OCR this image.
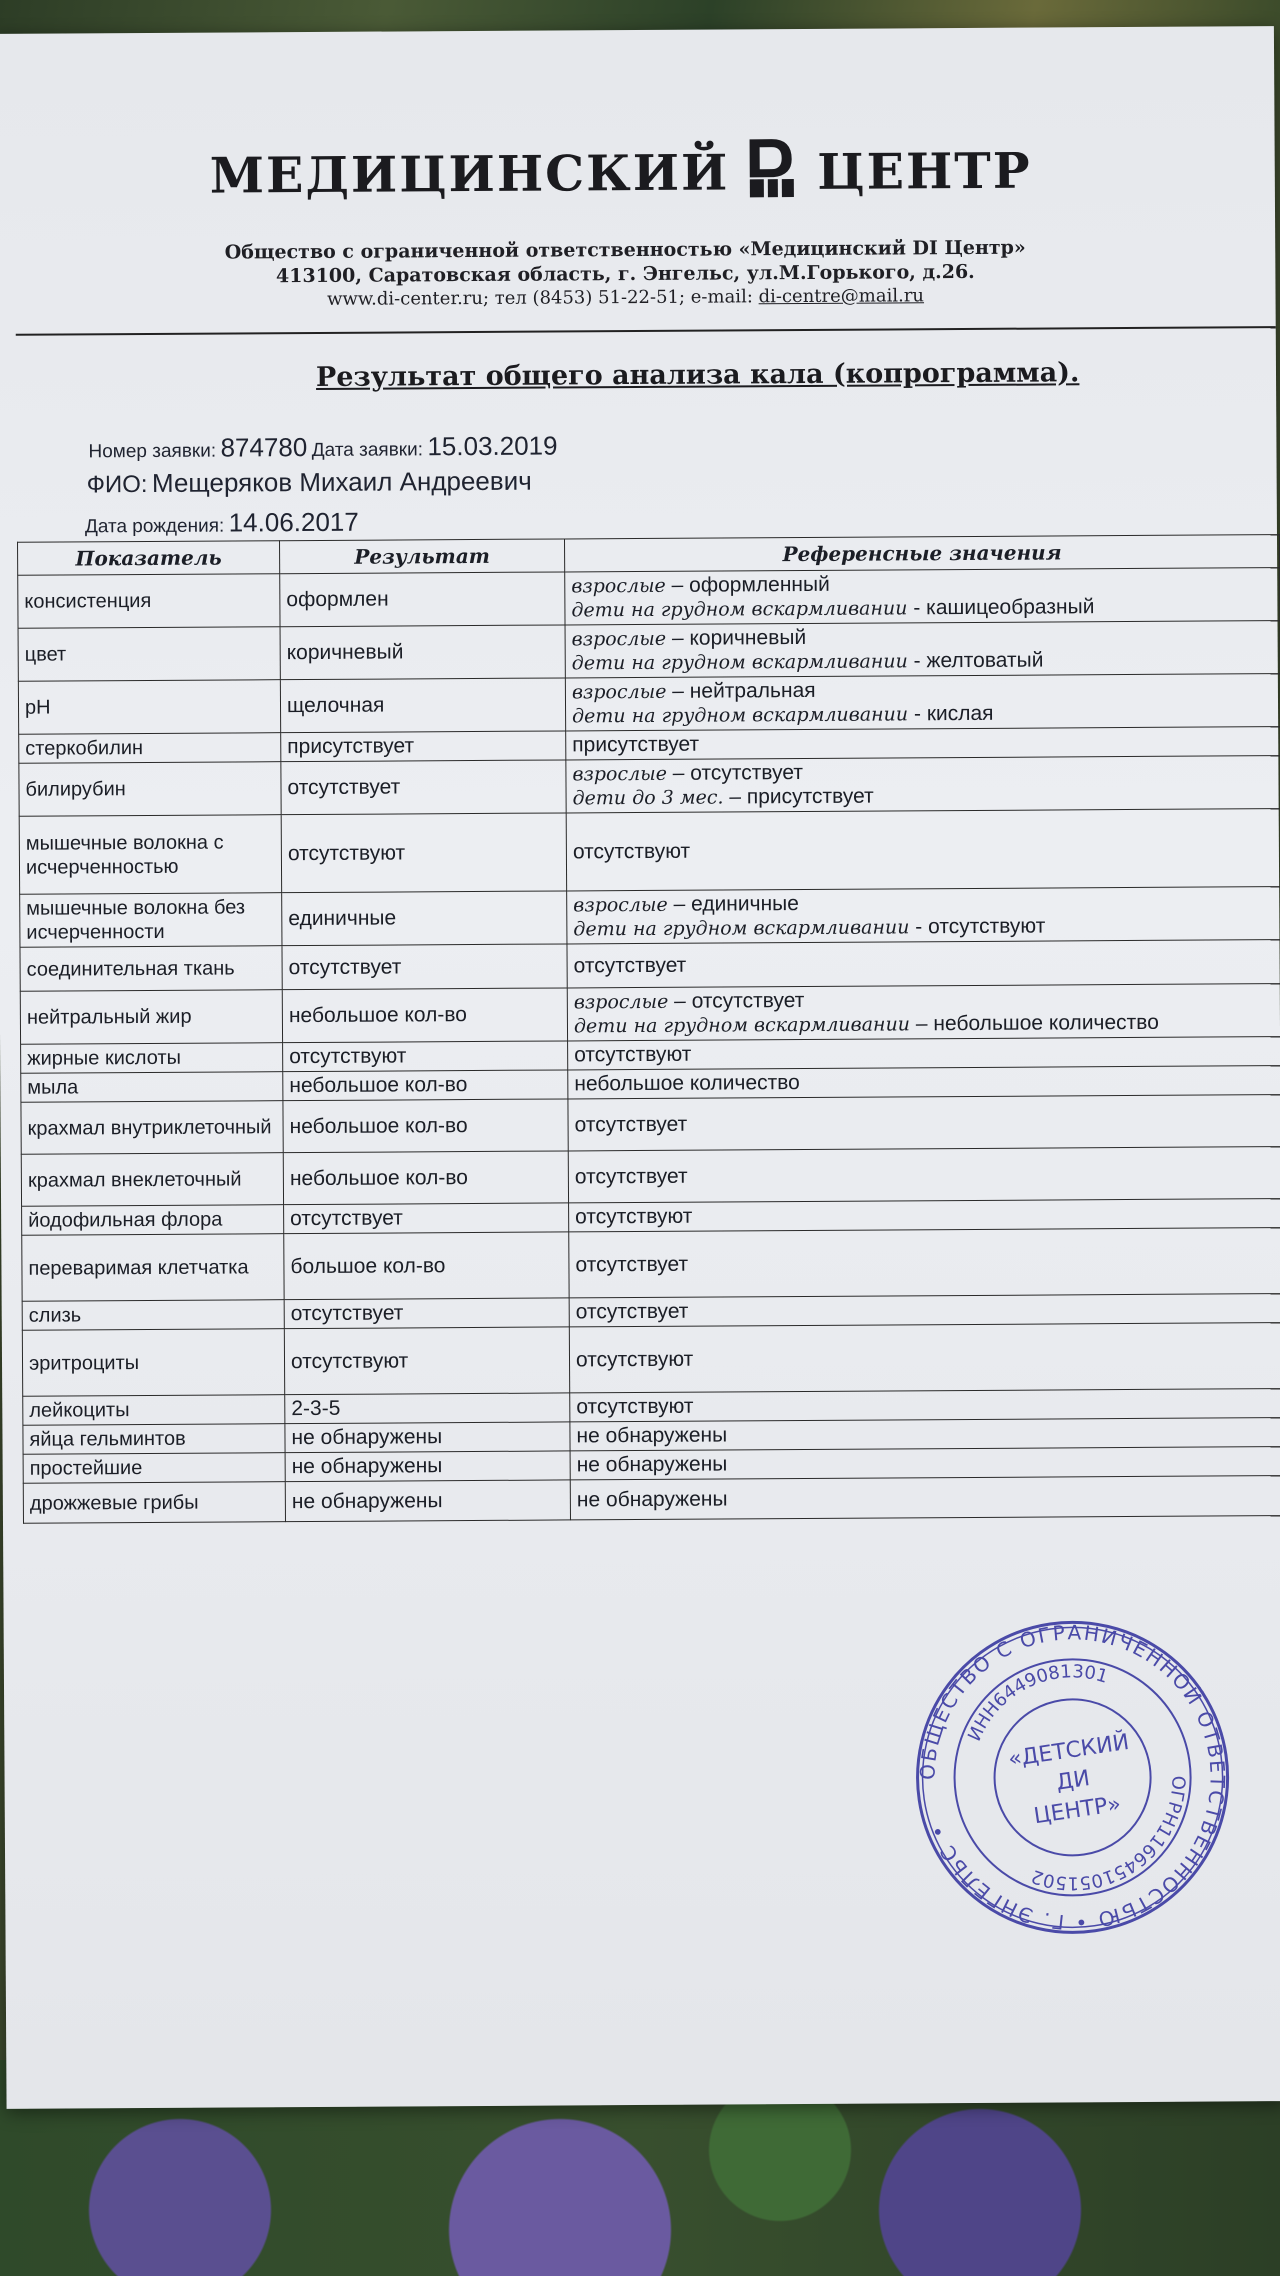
МЕДИЦИНСКИЙ ЦЕНТР
Общество с ограниченной ответственностью «Медицинский DI Центр»
413100, Саратовская область, г. Энгельс, ул.М.Горького, д.26.
www.di-center.ru; тел (8453) 51-22-51; e-mail: di-centre@mail.ru
Результат общего анализа кала (копрограмма).
Номер заявки: 874780 Дата заявки: 15.03.2019
ФИО: Мещеряков Михаил Андреевич
Дата рождения: 14.06.2017
Показатель	Результат	Референсные значения
консистенция	оформлен	взрослые – оформленный
дети на грудном вскармливании - кашицеобразный

цвет	коричневый	взрослые – коричневый
дети на грудном вскармливании - желтоватый

рН	щелочная	взрослые – нейтральная
дети на грудном вскармливании - кислая

стеркобилин	присутствует	присутствует

билирубин	отсутствует	взрослые – отсутствует
дети до 3 мес. – присутствует

мышечные волокна с исчерченностью	отсутствуют	отсутствуют

мышечные волокна без исчерченности	единичные	взрослые – единичные
дети на грудном вскармливании - отсутствуют

соединительная ткань	отсутствует	отсутствует

нейтральный жир	небольшое кол-во	взрослые – отсутствует
дети на грудном вскармливании – небольшое количество

жирные кислоты	отсутствуют	отсутствуют

мыла	небольшое кол-во	небольшое количество

крахмал внутриклеточный	небольшое кол-во	отсутствует

крахмал внеклеточный	небольшое кол-во	отсутствует

йодофильная флора	отсутствует	отсутствуют

переваримая клетчатка	большое кол-во	отсутствует

слизь	отсутствует	отсутствует

эритроциты	отсутствуют	отсутствуют

лейкоциты	2-3-5	отсутствуют

яйца гельминтов	не обнаружены	не обнаружены

простейшие	не обнаружены	не обнаружены

дрожжевые грибы	не обнаружены	не обнаружены
ОБЩЕСТВО С ОГРАНИЧЕННОЙ ОТВЕТСТВЕННОСТЬЮ • Г. ЭНГЕЛЬС •
ИНН6449081301
ОГРН1166451051502
«ДЕТСКИЙ
ДИ
ЦЕНТР»
